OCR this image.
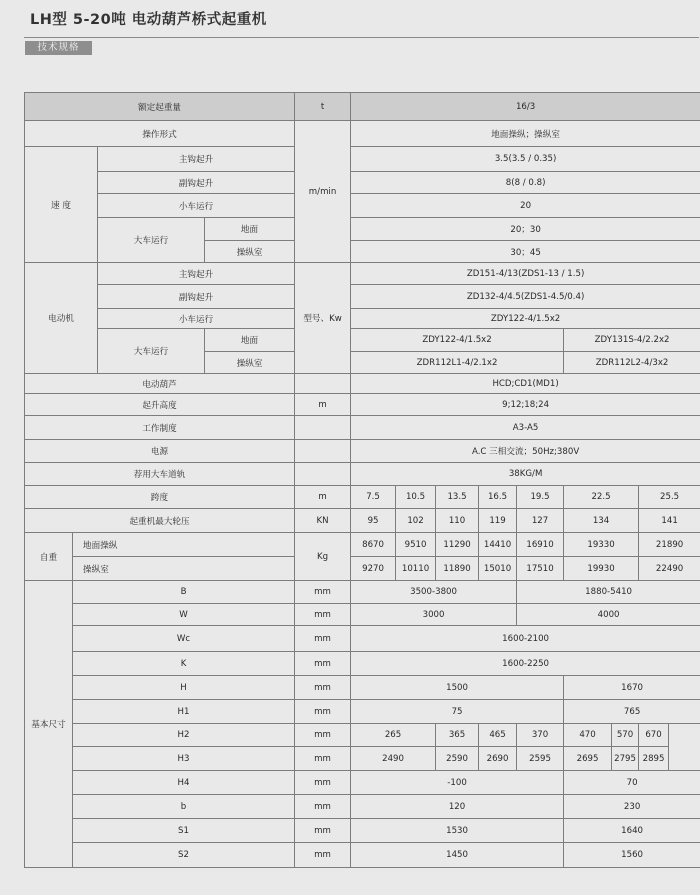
LH型 5-20吨 电动葫芦桥式起重机
技术规格
额定起重量				t	16/3							
操作形式				m/min	地面操纵；操纵室							
速 度		主钩起升			3.5(3.5 / 0.35)							
		副钩起升			8(8 / 0.8)							
		小车运行			20							
		大车运行	地面		20；30							
			操纵室		30；45							
电动机		主钩起升		型号、Kw	ZD151-4/13(ZDS1-13 / 1.5)							
		副钩起升			ZD132-4/4.5(ZDS1-4.5/0.4)							
		小车运行			ZDY122-4/1.5x2							
		大车运行	地面		ZDY122-4/1.5x2					ZDY131S-4/2.2x2		
			操纵室		ZDR112L1-4/2.1x2					ZDR112L2-4/3x2		
电动葫芦					HCD;CD1(MD1)							
起升高度				m	9;12;18;24							
工作制度					A3-A5							
电源					A.C 三相交流；50Hz;380V							
荐用大车道轨					38KG/M							
跨度				m	7.5	10.5	13.5	16.5	19.5	22.5		25.5
起重机最大轮压				KN	95	102	110	119	127	134		141
自重	地面操纵			Kg	8670	9510	11290	14410	16910	19330		21890
	操纵室				9270	10110	11890	15010	17510	19930		22490
基本尺寸	B			mm	3500-3800				1880-5410			
	W			mm	3000				4000			
	Wc			mm	1600-2100							
	K			mm	1600-2250							
	H			mm	1500					1670		
	H1			mm	75					765		
	H2			mm	265		365	465	370	470	570	670
	H3			mm	2490		2590	2690	2595	2695	2795	2895
	H4			mm	-100					70		
	b			mm	120					230		
	S1			mm	1530					1640		
	S2			mm	1450					1560		
